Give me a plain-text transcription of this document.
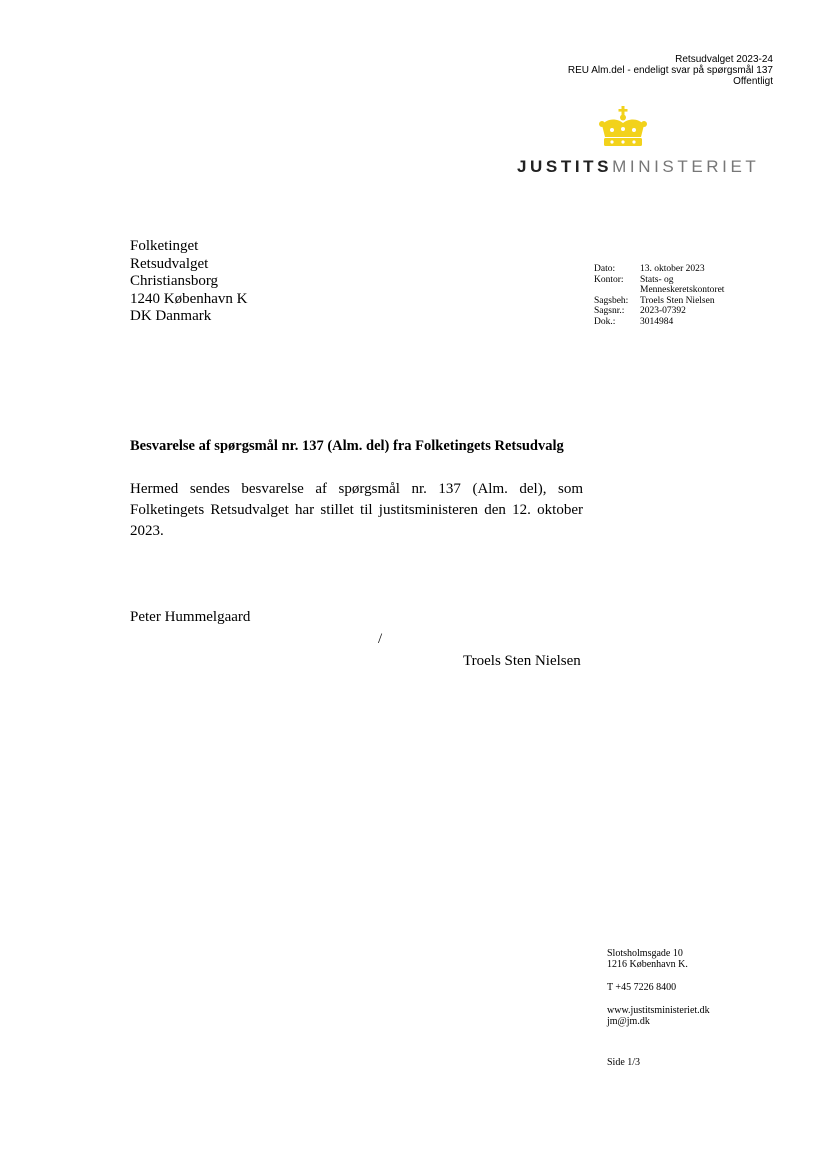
Retsudvalget 2023-24
REU Alm.del - endeligt svar på spørgsmål 137
Offentligt
JUSTITSMINISTERIET
Folketinget
Retsudvalget
Christiansborg
1240 København K
DK Danmark
Dato:	13. oktober 2023
Kontor:	Stats- og Menneskeretskontoret
Sagsbeh:	Troels Sten Nielsen
Sagsnr.:	2023-07392
Dok.:	3014984
Besvarelse af spørgsmål nr. 137 (Alm. del) fra Folketingets Retsudvalg
Hermed sendes besvarelse af spørgsmål nr. 137 (Alm. del), som Folketingets Retsudvalget har stillet til justitsministeren den 12. oktober 2023.
Peter Hummelgaard
/
Troels Sten Nielsen
Slotsholmsgade 10
1216 København K.
T +45 7226 8400
www.justitsministeriet.dk
jm@jm.dk
Side 1/3
